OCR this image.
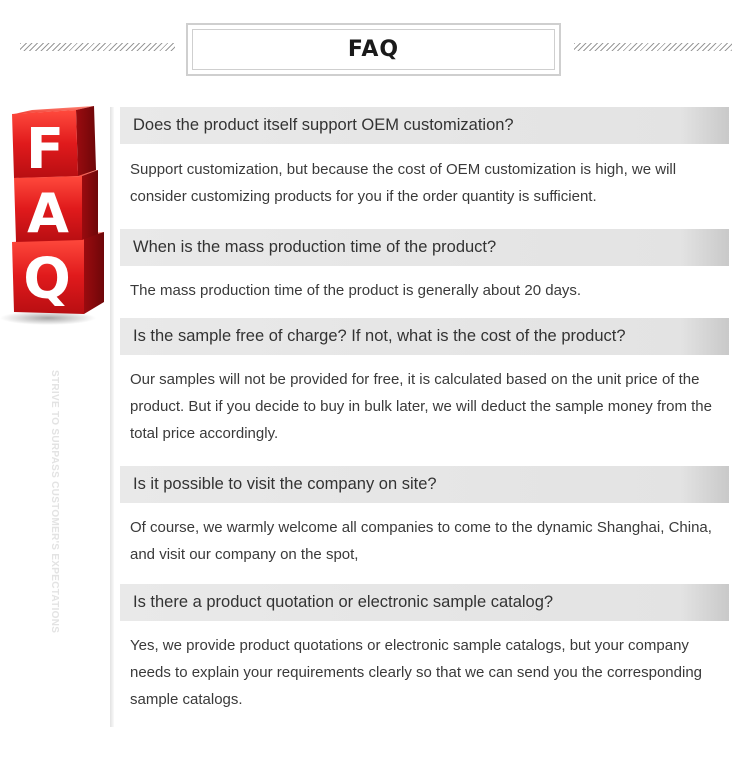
FAQ
Q
A
F
STRIVE TO SURPASS CUSTOMER'S EXPECTATIONS
Does the product itself support OEM customization?
Support customization, but because the cost of OEM customization is high, we will consider customizing products for you if the order quantity is sufficient.
When is the mass production time of the product?
The mass production time of the product is generally about 20 days.
Is the sample free of charge? If not, what is the cost of the product?
Our samples will not be provided for free, it is calculated based on the unit price of the product. But if you decide to buy in bulk later, we will deduct the sample money from the total price accordingly.
Is it possible to visit the company on site?
Of course, we warmly welcome all companies to come to the dynamic Shanghai, China, and visit our company on the spot,
Is there a product quotation or electronic sample catalog?
Yes, we provide product quotations or electronic sample catalogs, but your company needs to explain your requirements clearly so that we can send you the corresponding sample catalogs.
